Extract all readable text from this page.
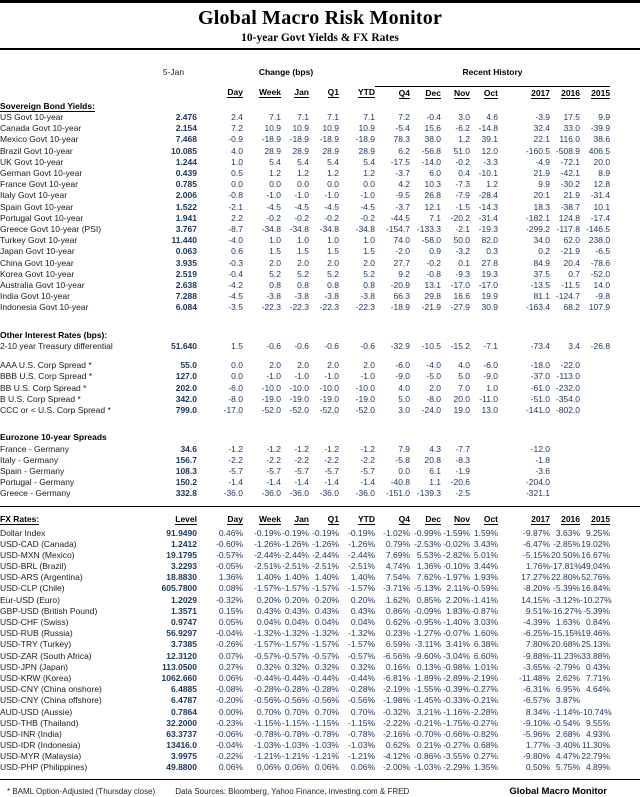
Global Macro Risk Monitor
10-year Govt Yields & FX Rates
	5-Jan	Change (bps)					Recent History						
		Day	Week	Jan	Q1	YTD	Q4	Dec	Nov	Oct	2017	2016	2015
Sovereign Bond Yields:													
US Govt 10-year	2.476	2.4	7.1	7.1	7.1	7.1	7.2	-0.4	3.0	4.6	-3.9	17.5	9.9
Canada Govt 10-year	2.154	7.2	10.9	10.9	10.9	10.9	-5.4	15.6	-6.2	-14.8	32.4	33.0	-39.9
Mexico Govt 10-year	7.468	-0.9	-18.9	-18.9	-18.9	-18.9	78.3	38.0	1.2	39.1	22.1	116.0	38.6
Brazil Govt 10-year	10.085	4.0	28.9	28.9	28.9	28.9	6.2	-56.8	51.0	12.0	-160.5	-508.9	406.5
UK Govt 10-year	1.244	1.0	5.4	5.4	5.4	5.4	-17.5	-14.0	-0.2	-3.3	-4.9	-72.1	20.0
German Govt 10-year	0.439	0.5	1.2	1.2	1.2	1.2	-3.7	6.0	0.4	-10.1	21.9	-42.1	8.9
France Govt 10-year	0.785	0.0	0.0	0.0	0.0	0.0	4.2	10.3	-7.3	1.2	9.9	-30.2	12.8
Italy Govt 10-year	2.006	-0.8	-1.0	-1.0	-1.0	-1.0	-9.5	26.8	-7.9	-28.4	20.1	21.9	-31.4
Spain Govt 10-year	1.522	-2.1	-4.5	-4.5	-4.5	-4.5	-3.7	12.1	-1.5	-14.3	18.3	-38.7	10.1
Portugal Govt 10-year	1.941	2.2	-0.2	-0.2	-0.2	-0.2	-44.5	7.1	-20.2	-31.4	-182.1	124.8	-17.4
Greece Govt 10-year (PSI)	3.767	-8.7	-34.8	-34.8	-34.8	-34.8	-154.7	-133.3	-2.1	-19.3	-299.2	-117.8	-146.5
Turkey Govt 10-year	11.440	-4.0	1.0	1.0	1.0	1.0	74.0	-58.0	50.0	82.0	34.0	62.0	238.0
Japan Govt 10-year	0.063	0.6	1.5	1.5	1.5	1.5	-2.0	0.9	-3.2	0.3	0.2	-21.9	-6.5
China Govt 10-year	3.935	-0.3	2.0	2.0	2.0	2.0	27.7	-0.2	0.1	27.8	84.9	20.4	-78.6
Korea Govt 10-year	2.519	-0.4	5.2	5.2	5.2	5.2	9.2	-0.8	-9.3	19.3	37.5	0.7	-52.0
Australia Govt 10-year	2.638	-4.2	0.8	0.8	0.8	0.8	-20.9	13.1	-17.0	-17.0	-13.5	-11.5	14.0
India Govt 10-year	7.288	-4.5	-3.8	-3.8	-3.8	-3.8	66.3	29.8	16.6	19.9	81.1	-124.7	-9.8
Indonesia Govt 10-year	6.084	-3.5	-22.3	-22.3	-22.3	-22.3	-18.9	-21.9	-27.9	30.9	-163.4	68.2	107.9

Other Interest Rates (bps):													
2-10 year Treasury differential	51.640	1.5	-0.6	-0.6	-0.6	-0.6	-32.9	-10.5	-15.2	-7.1	-73.4	3.4	-26.8

AAA U.S. Corp Spread *	55.0	0.0	2.0	2.0	2.0	2.0	-6.0	-4.0	4.0	-6.0	-18.0	-22.0	
BBB U.S. Corp Spread *	127.0	0.0	-1.0	-1.0	-1.0	-1.0	-9.0	-5.0	5.0	-9.0	-37.0	-113.0	
BB U.S. Corp Spread *	202.0	-6.0	-10.0	-10.0	-10.0	-10.0	4.0	2.0	7.0	1.0	-61.0	-232.0	
B U.S. Corp Spread *	342.0	-8.0	-19.0	-19.0	-19.0	-19.0	5.0	-8.0	20.0	-11.0	-51.0	-354.0	
CCC or < U.S. Corp Spread *	799.0	-17.0	-52.0	-52.0	-52.0	-52.0	3.0	-24.0	19.0	13.0	-141.0	-802.0	

Eurozone 10-year Spreads													
France - Germany	34.6	-1.2	-1.2	-1.2	-1.2	-1.2	7.9	4.3	-7.7		-12.0		
Italy - Germany	156.7	-2.2	-2.2	-2.2	-2.2	-2.2	-5.8	20.8	-8.3		-1.8		
Spain - Germany	108.3	-5.7	-5.7	-5.7	-5.7	-5.7	0.0	6.1	-1.9		-3.6		
Portugal - Germany	150.2	-1.4	-1.4	-1.4	-1.4	-1.4	-40.8	1.1	-20.6		-204.0		
Greece - Germany	332.8	-36.0	-36.0	-36.0	-36.0	-36.0	-151.0	-139.3	-2.5		-321.1		

FX Rates:	Level	Day	Week	Jan	Q1	YTD	Q4	Dec	Nov	Oct	2017	2016	2015
Dollar Index	91.9490	0.46%	-0.19%	-0.19%	-0.19%	-0.19%	-1.02%	-0.99%	-1.59%	1.59%	-9.87%	3.63%	9.25%
USD-CAD (Canada)	1.2412	-0.60%	-1.26%	-1.26%	-1.26%	-1.26%	0.79%	-2.53%	-0.02%	3.43%	-6.47%	-2.85%	19.02%
USD-MXN (Mexico)	19.1795	-0.57%	-2.44%	-2.44%	-2.44%	-2.44%	7.69%	5.53%	-2.82%	5.01%	-5.15%	20.50%	16.67%
USD-BRL (Brazil)	3.2293	-0.05%	-2.51%	-2.51%	-2.51%	-2.51%	4.74%	1.36%	-0.10%	3.44%	1.76%	-17.81%	49.04%
USD-ARS (Argentina)	18.8830	1.36%	1.40%	1.40%	1.40%	1.40%	7.54%	7.62%	-1.97%	1.93%	17.27%	22.80%	52.76%
USD-CLP (Chile)	605.7800	0.08%	-1.57%	-1.57%	-1.57%	-1.57%	-3.71%	-5.13%	2.11%	-0.59%	-8.20%	-5.39%	16.84%
Eur-USD (Euro)	1.2029	-0.32%	0.20%	0.20%	0.20%	0.20%	1.62%	0.85%	2.20%	-1.41%	14.15%	-3.12%	-10.27%
GBP-USD (British Pound)	1.3571	0.15%	0.43%	0.43%	0.43%	0.43%	0.86%	-0.09%	1.83%	-0.87%	9.51%	-16.27%	-5.39%
USD-CHF (Swiss)	0.9747	0.05%	0.04%	0.04%	0.04%	0.04%	0.62%	-0.95%	-1.40%	3.03%	-4.39%	1.63%	0.84%
USD-RUB (Russia)	56.9297	-0.04%	-1.32%	-1.32%	-1.32%	-1.32%	0.23%	-1.27%	-0.07%	1.60%	-6.25%	-15.15%	19.46%
USD-TRY (Turkey)	3.7385	-0.26%	-1.57%	-1.57%	-1.57%	-1.57%	6.59%	-3.11%	3.41%	6.38%	7.80%	20.68%	25.13%
USD-ZAR (South Africa)	12.3120	0.07%	-0.57%	-0.57%	-0.57%	-0.57%	-6.56%	-9.60%	-3.04%	6.60%	-9.88%	-11.23%	33.88%
USD-JPN (Japan)	113.0500	0.27%	0.32%	0.32%	0.32%	0.32%	0.16%	0.13%	-0.98%	1.01%	-3.65%	-2.79%	0.43%
USD-KRW (Korea)	1062.660	0.06%	-0.44%	-0.44%	-0.44%	-0.44%	-6.81%	-1.89%	-2.89%	-2.19%	-11.48%	2.62%	7.71%
USD-CNY (China onshore)	6.4885	-0.08%	-0.28%	-0.28%	-0.28%	-0.28%	-2.19%	-1.55%	-0.39%	-0.27%	-6.31%	6.95%	4.64%
USD-CNY (China offshore)	6.4787	-0.20%	-0.56%	-0.56%	-0.56%	-0.56%	-1.98%	-1.45%	-0.33%	-0.21%	-6.57%	3.87%	
AUD-USD (Aussie)	0.7864	0.00%	0.70%	0.70%	0.70%	0.70%	-0.32%	3.21%	-1.16%	-2.28%	8.34%	-1.14%	-10.74%
USD-THB (Thailand)	32.2000	-0.23%	-1.15%	-1.15%	-1.15%	-1.15%	-2.22%	-0.21%	-1.75%	-0.27%	-9.10%	-0.54%	9.55%
USD-INR (India)	63.3737	-0.06%	-0.78%	-0.78%	-0.78%	-0.78%	-2.16%	-0.70%	-0.66%	-0.82%	-5.96%	2.68%	4.93%
USD-IDR (Indonesia)	13416.0	-0.04%	-1.03%	-1.03%	-1.03%	-1.03%	0.62%	0.21%	-0.27%	0.68%	1.77%	-3.40%	11.30%
USD-MYR (Malaysia)	3.9975	-0.22%	-1.21%	-1.21%	-1.21%	-1.21%	-4.12%	-0.86%	-3.55%	0.27%	-9.80%	4.47%	22.79%
USD-PHP (Philippines)	49.8800	0.06%	0.06%	0.06%	0.06%	0.06%	-2.00%	-1.03%	-2.29%	1.35%	0.50%	5.75%	4.89%
* BAML Option-Adjusted (Thursday close)	Data Sources: Bloomberg, Yahoo Finance, investing.com & FRED	Global Macro Monitor
